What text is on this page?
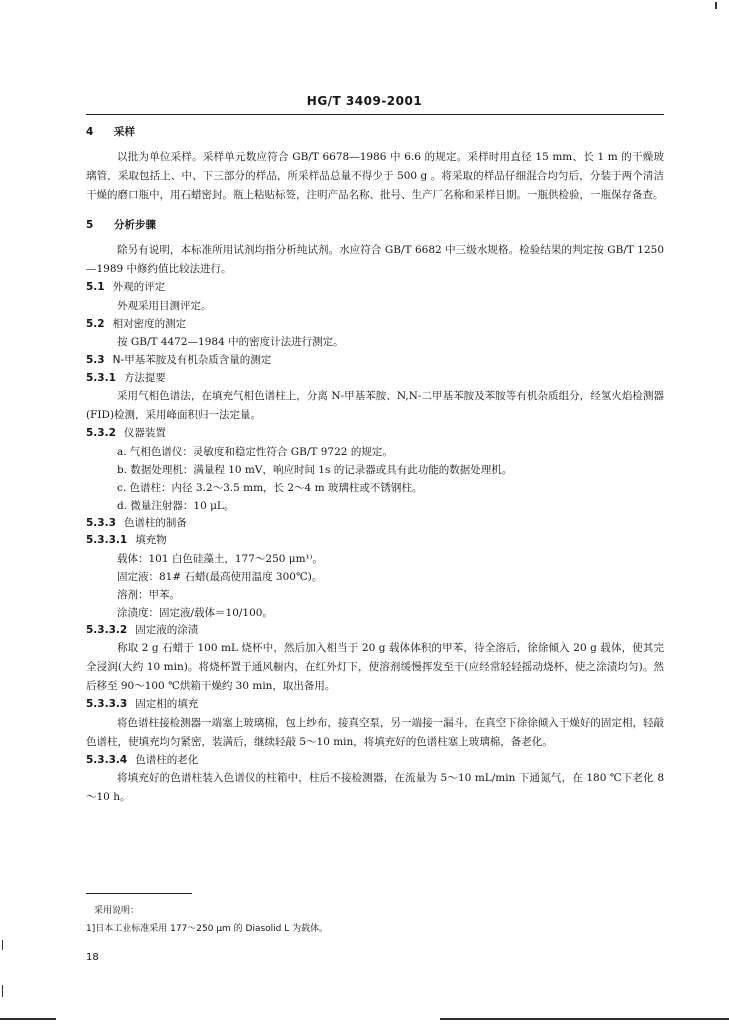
HG/T 3409-2001

4 采样

以批为单位采样。采样单元数应符合 GB/T 6678—1986 中 6.6 的规定。采样时用直径 15 mm、长 1 m 的干燥玻璃管，采取包括上、中、下三部分的样品，所采样品总量不得少于 500 g 。将采取的样品仔细混合均匀后，分装于两个清洁干燥的磨口瓶中，用石蜡密封。瓶上粘贴标签，注明产品名称、批号、生产厂名称和采样日期。一瓶供检验，一瓶保存备查。

5 分析步骤

除另有说明，本标准所用试剂均指分析纯试剂。水应符合 GB/T 6682 中三级水规格。检验结果的判定按 GB/T 1250—1989 中修约值比较法进行。

5.1 外观的评定

外观采用目测评定。

5.2 相对密度的测定

按 GB/T 4472—1984 中的密度计法进行测定。

5.3 N-甲基苯胺及有机杂质含量的测定

5.3.1 方法提要

采用气相色谱法，在填充气相色谱柱上，分离 N-甲基苯胺、N,N-二甲基苯胺及苯胺等有机杂质组分，经氢火焰检测器(FID)检测，采用峰面积归一法定量。

5.3.2 仪器装置

a. 气相色谱仪：灵敏度和稳定性符合 GB/T 9722 的规定。

b. 数据处理机：满量程 10 mV，响应时间 1s 的记录器或具有此功能的数据处理机。

c. 色谱柱：内径 3.2～3.5 mm，长 2～4 m 玻璃柱或不锈钢柱。

d. 微量注射器：10 μL。

5.3.3 色谱柱的制备

5.3.3.1 填充物

载体：101 白色硅藻土，177～250 μm¹⁾。

固定液：81# 石蜡(最高使用温度 300℃)。

溶剂：甲苯。

涂渍度：固定液/载体＝10/100。

5.3.3.2 固定液的涂渍

称取 2 g 石蜡于 100 mL 烧杯中，然后加入相当于 20 g 载体体积的甲苯，待全溶后，徐徐倾入 20 g 载体，使其完全浸润(大约 10 min)。将烧杯置于通风橱内，在红外灯下，使溶剂缓慢挥发至干(应经常轻轻摇动烧杯，使之涂渍均匀)。然后移至 90～100 ℃烘箱干燥约 30 min，取出备用。

5.3.3.3 固定相的填充

将色谱柱接检测器一端塞上玻璃棉，包上纱布，接真空泵，另一端接一漏斗，在真空下徐徐倾入干燥好的固定相，轻敲色谱柱，使填充均匀紧密，装满后，继续轻敲 5～10 min，将填充好的色谱柱塞上玻璃棉，备老化。

5.3.3.4 色谱柱的老化

将填充好的色谱柱装入色谱仪的柱箱中，柱后不接检测器，在流量为 5～10 mL/min 下通氮气，在 180 ℃下老化 8～10 h。

采用说明：
1]日本工业标准采用 177～250 μm 的 Diasolid L 为载体。
18
